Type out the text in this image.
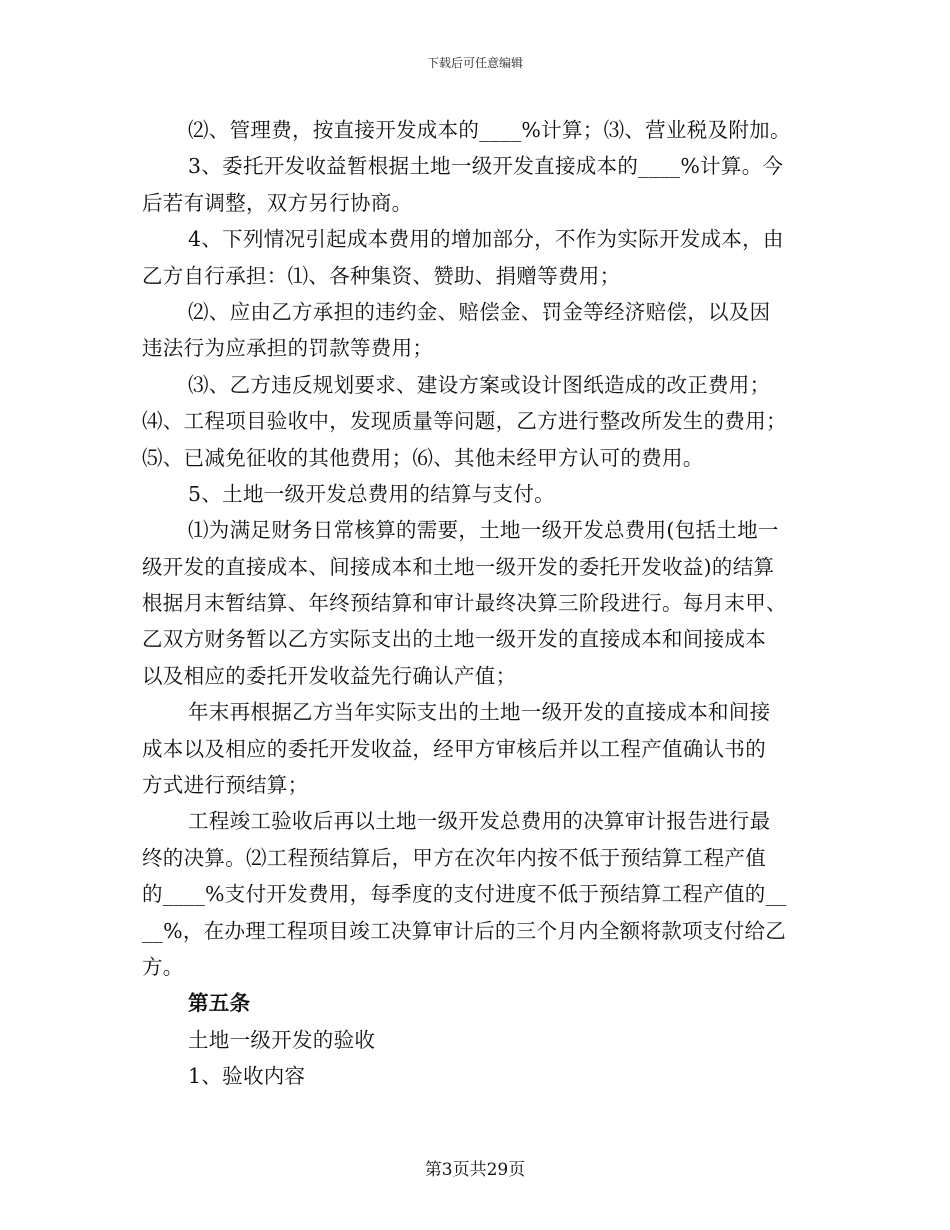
下载后可任意编辑
⑵、管理费，按直接开发成本的____%计算；⑶、营业税及附加。
3、委托开发收益暂根据土地一级开发直接成本的____%计算。今
后若有调整，双方另行协商。
4、下列情况引起成本费用的增加部分，不作为实际开发成本，由
乙方自行承担：⑴、各种集资、赞助、捐赠等费用；
⑵、应由乙方承担的违约金、赔偿金、罚金等经济赔偿，以及因
违法行为应承担的罚款等费用；
⑶、乙方违反规划要求、建设方案或设计图纸造成的改正费用；
⑷、工程项目验收中，发现质量等问题，乙方进行整改所发生的费用；
⑸、已减免征收的其他费用；⑹、其他未经甲方认可的费用。
5、土地一级开发总费用的结算与支付。
⑴为满足财务日常核算的需要，土地一级开发总费用(包括土地一
级开发的直接成本、间接成本和土地一级开发的委托开发收益)的结算
根据月末暂结算、年终预结算和审计最终决算三阶段进行。每月末甲、
乙双方财务暂以乙方实际支出的土地一级开发的直接成本和间接成本
以及相应的委托开发收益先行确认产值；
年末再根据乙方当年实际支出的土地一级开发的直接成本和间接
成本以及相应的委托开发收益，经甲方审核后并以工程产值确认书的
方式进行预结算；
工程竣工验收后再以土地一级开发总费用的决算审计报告进行最
终的决算。⑵工程预结算后，甲方在次年内按不低于预结算工程产值
的____%支付开发费用，每季度的支付进度不低于预结算工程产值的__
__%，在办理工程项目竣工决算审计后的三个月内全额将款项支付给乙
方。
第五条
土地一级开发的验收
1、验收内容
第3页共29页
